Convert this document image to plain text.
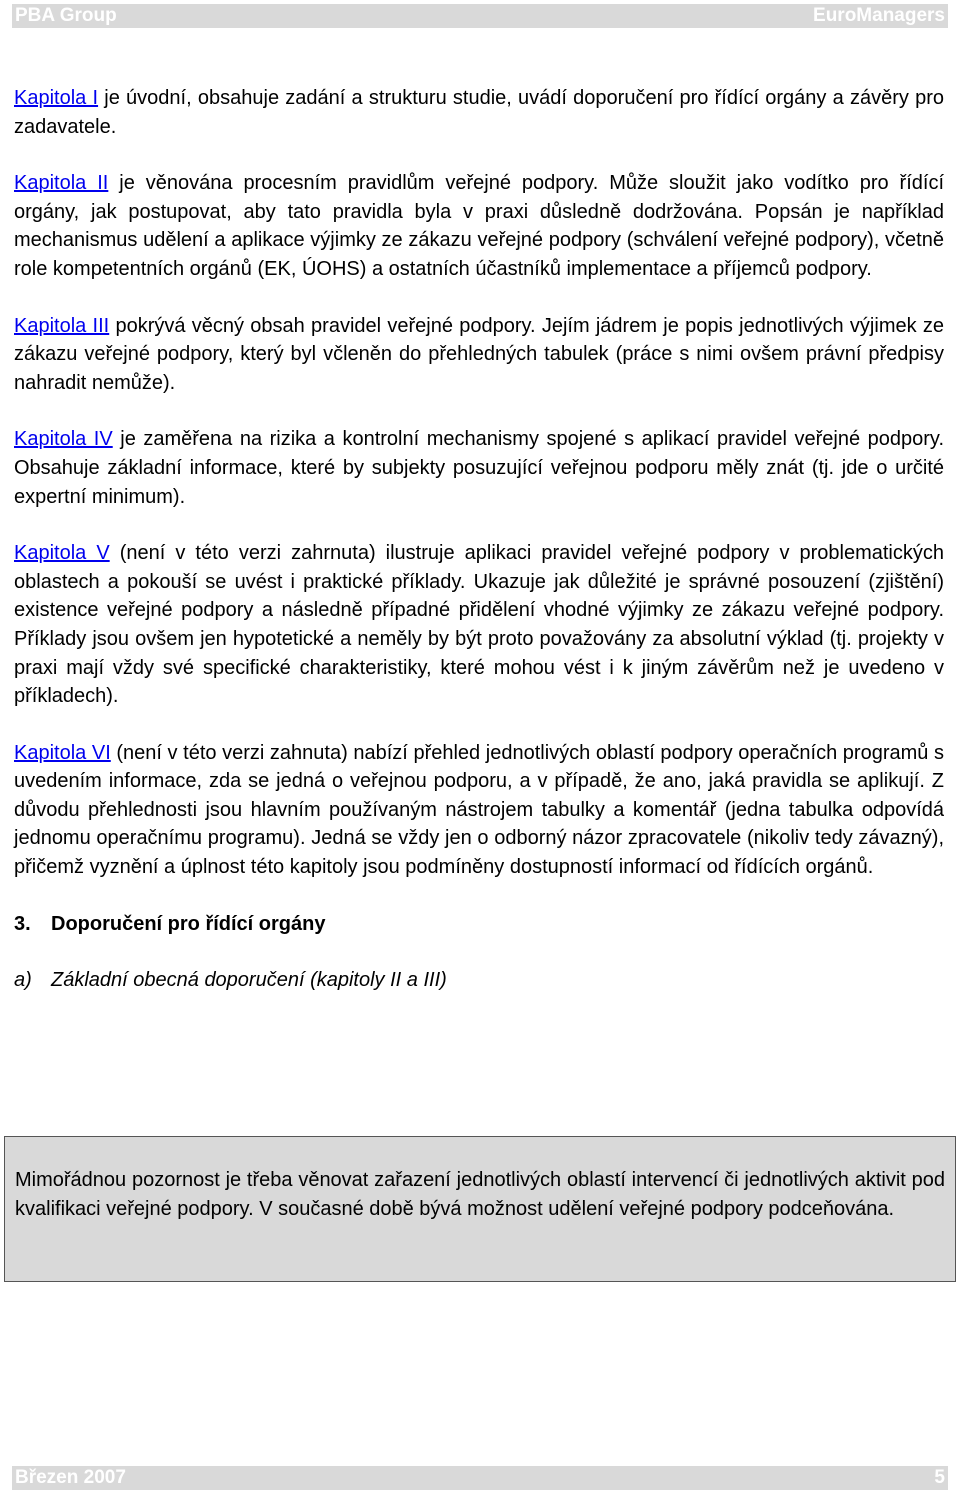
PBA Group	EuroManagers

Kapitola I je úvodní, obsahuje zadání a strukturu studie, uvádí doporučení pro řídící orgány a závěry pro zadavatele.

Kapitola II je věnována procesním pravidlům veřejné podpory. Může sloužit jako vodítko pro řídící orgány, jak postupovat, aby tato pravidla byla v praxi důsledně dodržována. Popsán je například mechanismus udělení a aplikace výjimky ze zákazu veřejné podpory (schválení veřejné podpory), včetně role kompetentních orgánů (EK, ÚOHS) a ostatních účastníků implementace a příjemců podpory.

Kapitola III pokrývá věcný obsah pravidel veřejné podpory. Jejím jádrem je popis jednotlivých výjimek ze zákazu veřejné podpory, který byl včleněn do přehledných tabulek (práce s nimi ovšem právní předpisy nahradit nemůže).

Kapitola IV je zaměřena na rizika a kontrolní mechanismy spojené s aplikací pravidel veřejné podpory. Obsahuje základní informace, které by subjekty posuzující veřejnou podporu měly znát (tj. jde o určité expertní minimum).

Kapitola V (není v této verzi zahrnuta) ilustruje aplikaci pravidel veřejné podpory v problematických oblastech a pokouší se uvést i praktické příklady. Ukazuje jak důležité je správné posouzení (zjištění) existence veřejné podpory a následně případné přidělení vhodné výjimky ze zákazu veřejné podpory. Příklady jsou ovšem jen hypotetické a neměly by být proto považovány za absolutní výklad (tj. projekty v praxi mají vždy své specifické charakteristiky, které mohou vést i k jiným závěrům než je uvedeno v příkladech).

Kapitola VI (není v této verzi zahnuta) nabízí přehled jednotlivých oblastí podpory operačních programů s uvedením informace, zda se jedná o veřejnou podporu, a v případě, že ano, jaká pravidla se aplikují. Z důvodu přehlednosti jsou hlavním používaným nástrojem tabulky a komentář (jedna tabulka odpovídá jednomu operačnímu programu). Jedná se vždy jen o odborný názor zpracovatele (nikoliv tedy závazný), přičemž vyznění a úplnost této kapitoly jsou podmíněny dostupností informací od řídících orgánů.

3. Doporučení pro řídící orgány

a) Základní obecná doporučení (kapitoly II a III)

Mimořádnou pozornost je třeba věnovat zařazení jednotlivých oblastí intervencí či jednotlivých aktivit pod kvalifikaci veřejné podpory. V současné době bývá možnost udělení veřejné podpory podceňována.

Březen 2007	5
